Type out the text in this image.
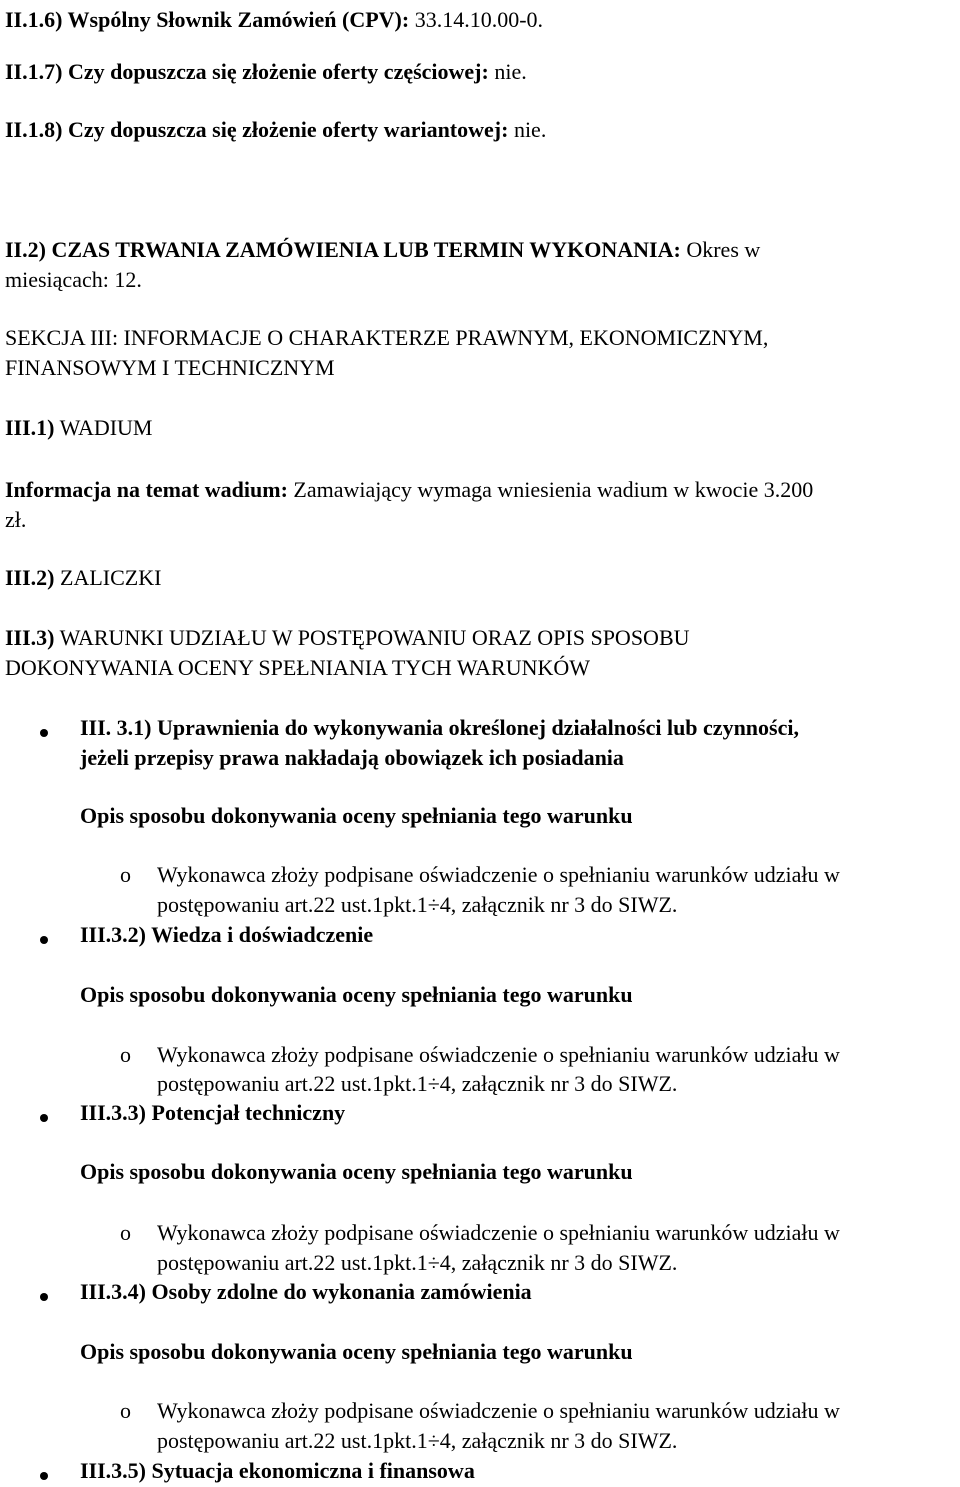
II.1.6) Wspólny Słownik Zamówień (CPV): 33.14.10.00-0.

II.1.7) Czy dopuszcza się złożenie oferty częściowej: nie.

II.1.8) Czy dopuszcza się złożenie oferty wariantowej: nie.

II.2) CZAS TRWANIA ZAMÓWIENIA LUB TERMIN WYKONANIA: Okres w

miesiącach: 12.

SEKCJA III: INFORMACJE O CHARAKTERZE PRAWNYM, EKONOMICZNYM,

FINANSOWYM I TECHNICZNYM

III.1) WADIUM

Informacja na temat wadium: Zamawiający wymaga wniesienia wadium w kwocie 3.200

zł.

III.2) ZALICZKI

III.3) WARUNKI UDZIAŁU W POSTĘPOWANIU ORAZ OPIS SPOSOBU

DOKONYWANIA OCENY SPEŁNIANIA TYCH WARUNKÓW

III. 3.1) Uprawnienia do wykonywania określonej działalności lub czynności,

jeżeli przepisy prawa nakładają obowiązek ich posiadania

Opis sposobu dokonywania oceny spełniania tego warunku

o Wykonawca złoży podpisane oświadczenie o spełnianiu warunków udziału w

postępowaniu art.22 ust.1pkt.1÷4, załącznik nr 3 do SIWZ.

III.3.2) Wiedza i doświadczenie

Opis sposobu dokonywania oceny spełniania tego warunku

o Wykonawca złoży podpisane oświadczenie o spełnianiu warunków udziału w

postępowaniu art.22 ust.1pkt.1÷4, załącznik nr 3 do SIWZ.

III.3.3) Potencjał techniczny

Opis sposobu dokonywania oceny spełniania tego warunku

o Wykonawca złoży podpisane oświadczenie o spełnianiu warunków udziału w

postępowaniu art.22 ust.1pkt.1÷4, załącznik nr 3 do SIWZ.

III.3.4) Osoby zdolne do wykonania zamówienia

Opis sposobu dokonywania oceny spełniania tego warunku

o Wykonawca złoży podpisane oświadczenie o spełnianiu warunków udziału w

postępowaniu art.22 ust.1pkt.1÷4, załącznik nr 3 do SIWZ.

III.3.5) Sytuacja ekonomiczna i finansowa
